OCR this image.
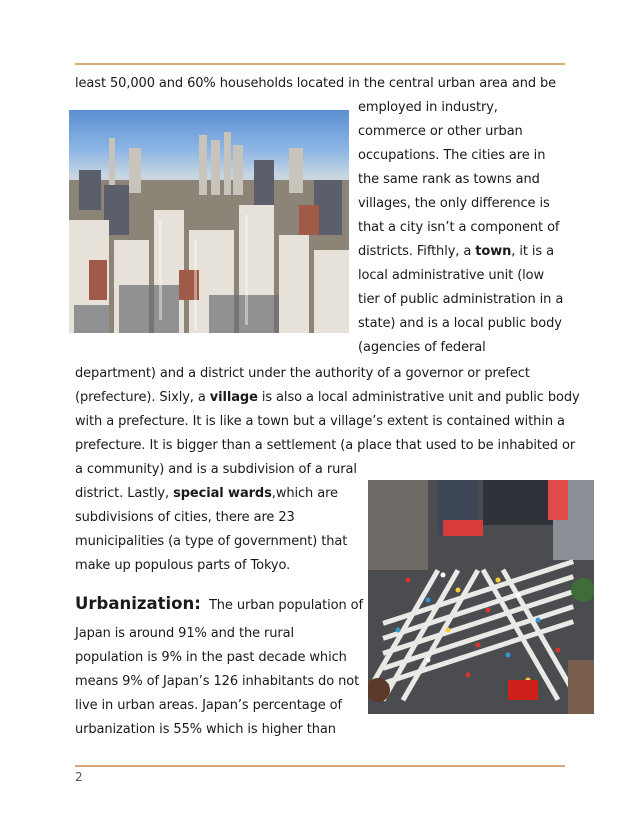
least 50,000 and 60% households located in the central urban area and be
employed in industry,
commerce or other urban
occupations. The cities are in
the same rank as towns and
villages, the only difference is
that a city isn’t a component of
districts. Fifthly, a town, it is a
local administrative unit (low
tier of public administration in a
state) and is a local public body
(agencies of federal
department) and a district under the authority of a governor or prefect
(prefecture). Sixly, a village is also a local administrative unit and public body
with a prefecture. It is like a town but a village’s extent is contained within a
prefecture. It is bigger than a settlement (a place that used to be inhabited or
a community) and is a subdivision of a rural
district. Lastly, special wards,which are
subdivisions of cities, there are 23
municipalities (a type of government) that
make up populous parts of Tokyo.
Urbanization: The urban population of
Japan is around 91% and the rural
population is 9% in the past decade which
means 9% of Japan’s 126 inhabitants do not
live in urban areas. Japan’s percentage of
urbanization is 55% which is higher than
2
